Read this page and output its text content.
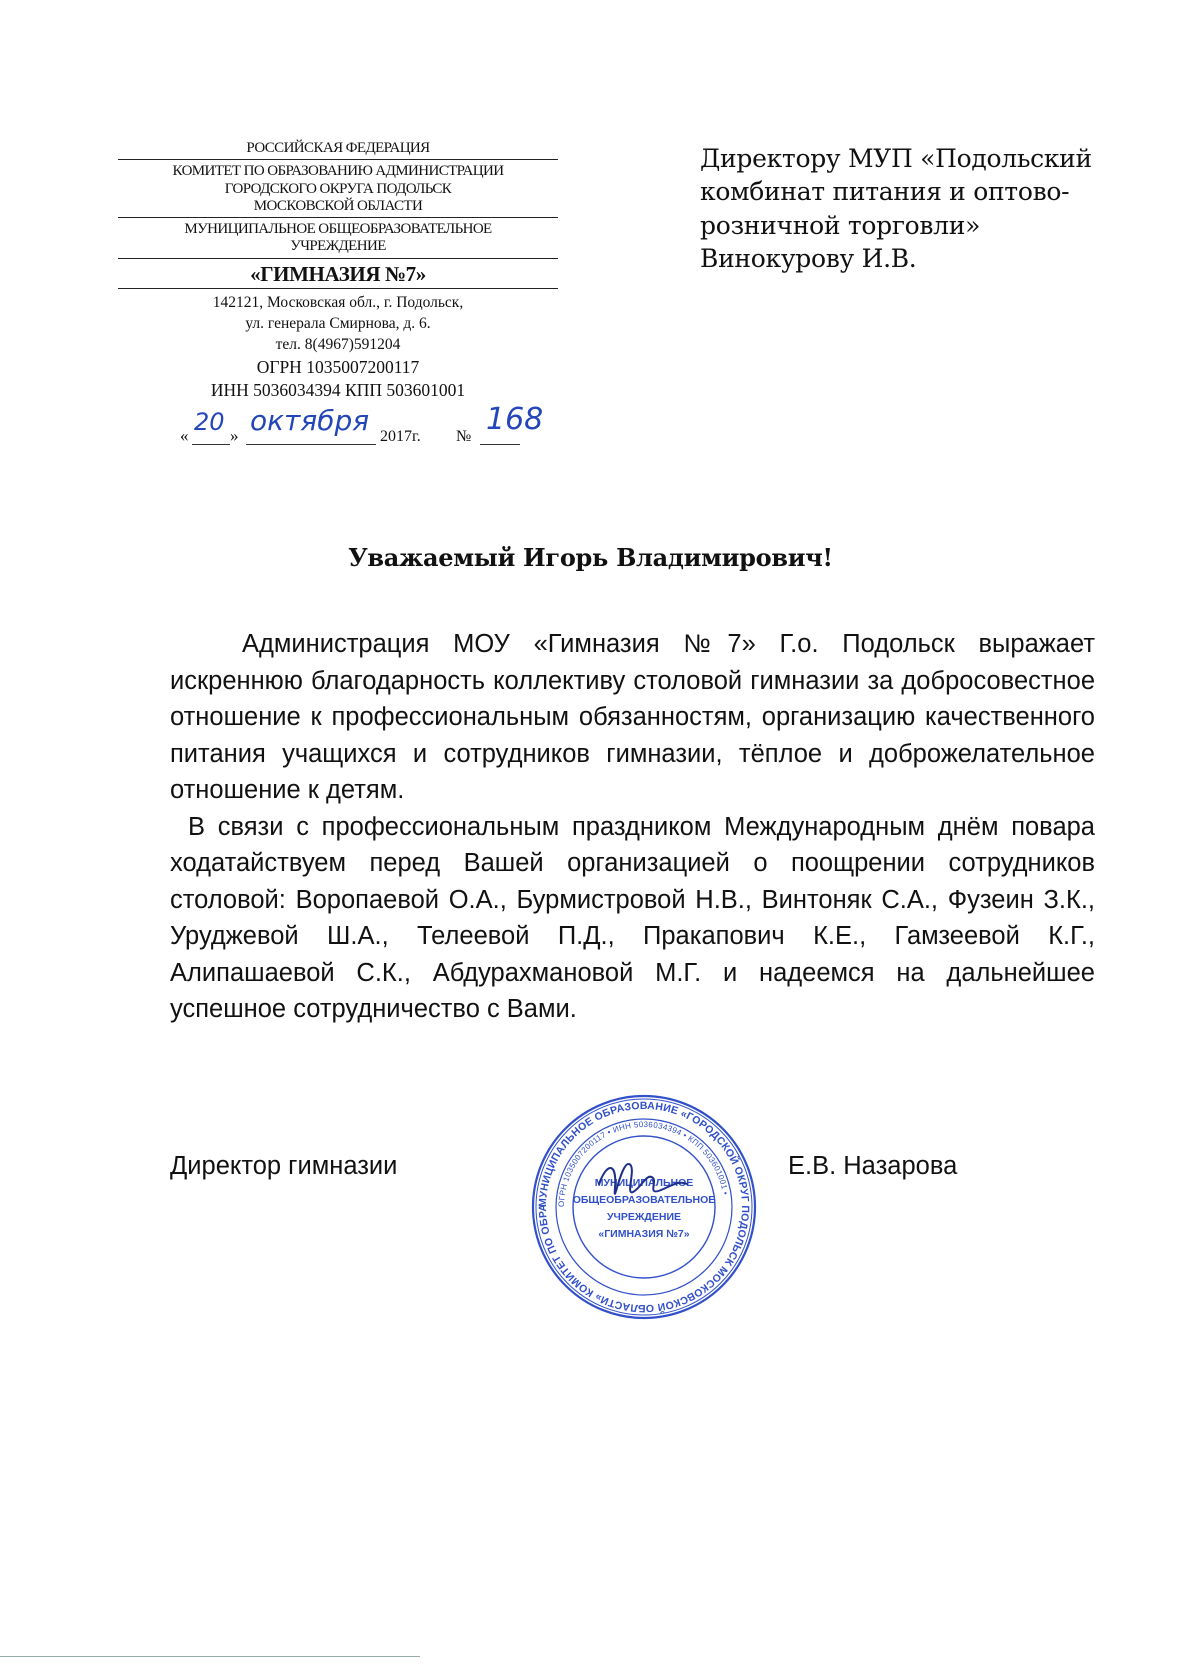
РОССИЙСКАЯ ФЕДЕРАЦИЯ
КОМИТЕТ ПО ОБРАЗОВАНИЮ АДМИНИСТРАЦИИ
ГОРОДСКОГО ОКРУГА ПОДОЛЬСК
МОСКОВСКОЙ ОБЛАСТИ
МУНИЦИПАЛЬНОЕ ОБЩЕОБРАЗОВАТЕЛЬНОЕ
УЧРЕЖДЕНИЕ
«ГИМНАЗИЯ №7»
142121, Московская обл., г. Подольск,
ул. генерала Смирнова, д. 6.
тел. 8(4967)591204
ОГРН 1035007200117
ИНН 5036034394 КПП 503601001
« 20 » октября 2017г. № 168
Директору МУП «Подольский
комбинат питания и оптово-
розничной торговли»
Винокурову И.В.
Уважаемый Игорь Владимирович!

Администрация МОУ «Гимназия №7» Г.о. Подольск выражает искреннюю благодарность коллективу столовой гимназии за добросовестное отношение к профессиональным обязанностям, организацию качественного питания учащихся и сотрудников гимназии, тёплое и доброжелательное отношение к детям.

В связи с профессиональным праздником Международным днём повара ходатайствуем перед Вашей организацией о поощрении сотрудников столовой: Воропаевой О.А., Бурмистровой Н.В., Винтоняк С.А., Фузеин З.К., Уруджевой Ш.А., Телеевой П.Д., Пракапович К.Е., Гамзеевой К.Г., Алипашаевой С.К., Абдурахмановой М.Г. и надеемся на дальнейшее успешное сотрудничество с Вами.

Директор гимназии	Е.В. Назарова
МУНИЦИПАЛЬНОЕ ОБРАЗОВАНИЕ «ГОРОДСКОЙ ОКРУГ ПОДОЛЬСК МОСКОВСКОЙ ОБЛАСТИ» КОМИТЕТ ПО ОБРА
ОГРН 1035007200117 • ИНН 5036034394 • КПП 503601001 •
МУНИЦИПАЛЬНОЕ
ОБЩЕОБРАЗОВАТЕЛЬНОЕ
УЧРЕЖДЕНИЕ
«ГИМНАЗИЯ №7»
